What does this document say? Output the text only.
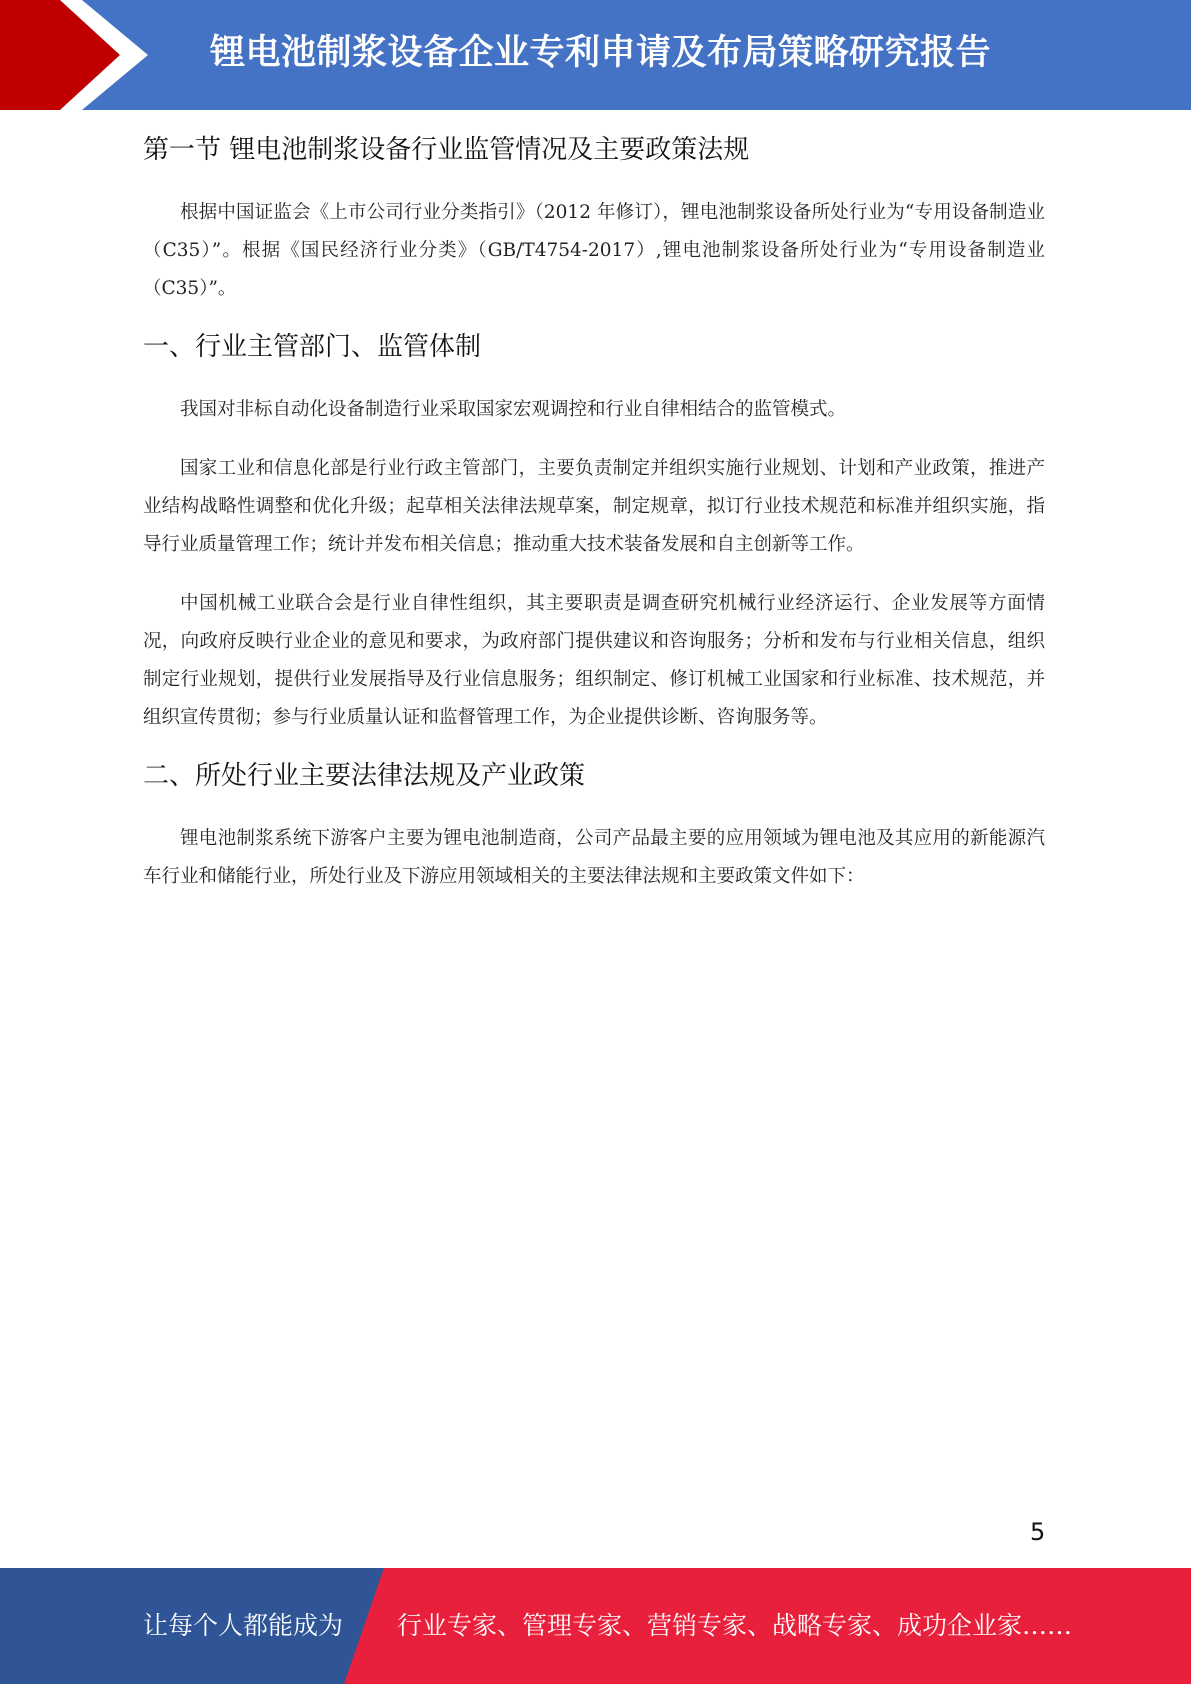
锂电池制浆设备企业专利申请及布局策略研究报告
第一节 锂电池制浆设备行业监管情况及主要政策法规

根据中国证监会《上市公司行业分类指引》（2012 年修订），锂电池制浆设备所处行业为“专用设备制造业（C35）”。根据《国民经济行业分类》（GB/T4754-2017）,锂电池制浆设备所处行业为“专用设备制造业（C35）”。

一、行业主管部门、监管体制

我国对非标自动化设备制造行业采取国家宏观调控和行业自律相结合的监管模式。

国家工业和信息化部是行业行政主管部门，主要负责制定并组织实施行业规划、计划和产业政策，推进产业结构战略性调整和优化升级；起草相关法律法规草案，制定规章，拟订行业技术规范和标准并组织实施，指导行业质量管理工作；统计并发布相关信息；推动重大技术装备发展和自主创新等工作。

中国机械工业联合会是行业自律性组织，其主要职责是调查研究机械行业经济运行、企业发展等方面情况，向政府反映行业企业的意见和要求，为政府部门提供建议和咨询服务；分析和发布与行业相关信息，组织制定行业规划，提供行业发展指导及行业信息服务；组织制定、修订机械工业国家和行业标准、技术规范，并组织宣传贯彻；参与行业质量认证和监督管理工作，为企业提供诊断、咨询服务等。

二、所处行业主要法律法规及产业政策

锂电池制浆系统下游客户主要为锂电池制造商，公司产品最主要的应用领域为锂电池及其应用的新能源汽车行业和储能行业，所处行业及下游应用领域相关的主要法律法规和主要政策文件如下：

5
让每个人都能成为 行业专家、管理专家、营销专家、战略专家、成功企业家……
